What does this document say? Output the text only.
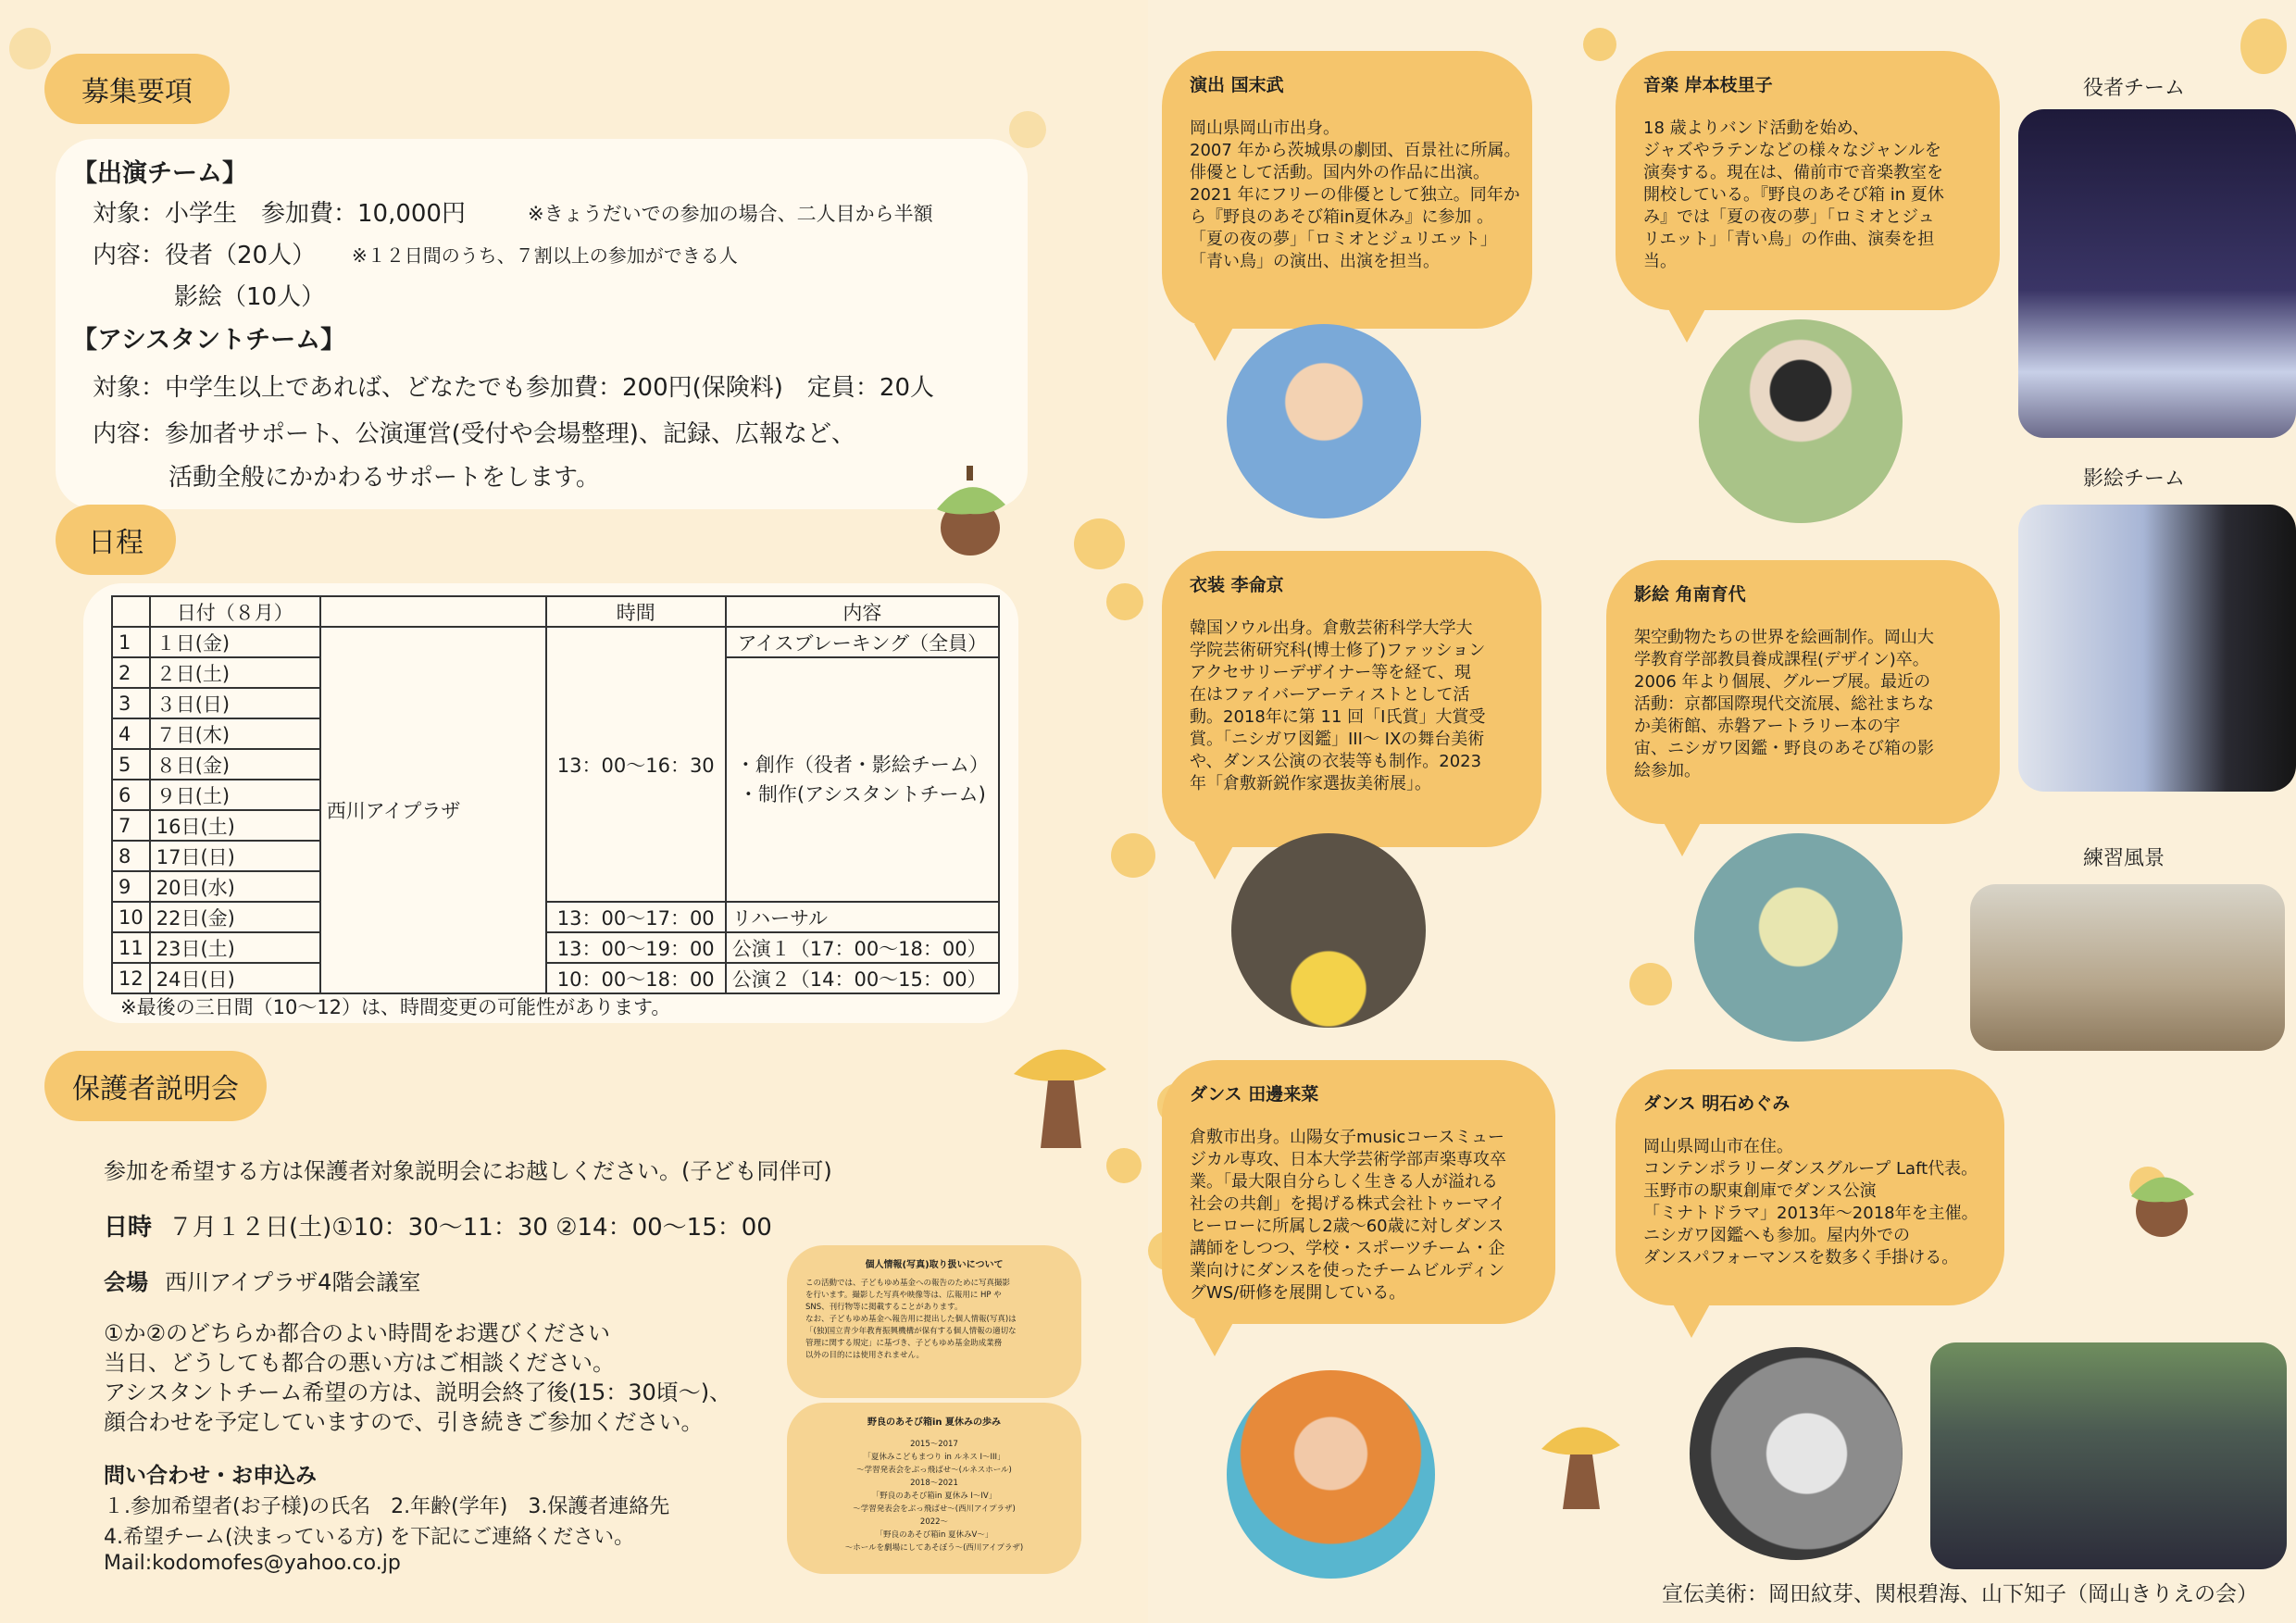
募集要項
【出演チーム】
対象：小学生　参加費：10,000円	※きょうだいでの参加の場合、二人目から半額
内容：役者（20人） ※１２日間のうち、７割以上の参加ができる人
影絵（10人）
【アシスタントチーム】
対象：中学生以上であれば、どなたでも参加費：200円(保険料)　定員：20人
内容：参加者サポート、公演運営(受付や会場整理)、記録、広報など、
活動全般にかかわるサポートをします。
日程
	日付（８月）		時間	内容
1	１日(金)	西川アイプラザ	13：00〜16：30	アイスブレーキング（全員）
2	２日(土)			・創作（役者・影絵チーム）
・制作(アシスタントチーム)
3	３日(日)			
4	７日(木)			
5	８日(金)			
6	９日(土)			
7	16日(土)			
8	17日(日)			
9	20日(水)			
10	22日(金)		13：00〜17：00	リハーサル
11	23日(土)		13：00〜19：00	公演１（17：00〜18：00）
12	24日(日)		10：00〜18：00	公演２（14：00〜15：00）
※最後の三日間（10〜12）は、時間変更の可能性があります。
保護者説明会
参加を希望する方は保護者対象説明会にお越しください。(子ども同伴可)
日時 ７月１２日(土)①10：30〜11：30 ②14：00〜15：00
会場 西川アイプラザ4階会議室
①か②のどちらか都合のよい時間をお選びください
当日、どうしても都合の悪い方はご相談ください。
アシスタントチーム希望の方は、説明会終了後(15：30頃〜)、
顔合わせを予定していますので、引き続きご参加ください。
問い合わせ・お申込み
１.参加希望者(お子様)の氏名　2.年齢(学年)　3.保護者連絡先
4.希望チーム(決まっている方) を下記にご連絡ください。
Mail:kodomofes@yahoo.co.jp
個人情報(写真)取り扱いについて
この活動では、子どもゆめ基金への報告のために写真撮影
を行います。撮影した写真や映像等は、広報用に HP や
SNS、刊行物等に掲載することがあります。
なお、子どもゆめ基金へ報告用に提出した個人情報(写真)は
「(独)国立青少年教育振興機構が保有する個人情報の適切な
管理に関する規定」に基づき、子どもゆめ基金助成業務
以外の目的には使用されません。
野良のあそび箱in 夏休みの歩み
2015〜2017
「夏休みこどもまつり in ルネス I〜III」
〜学習発表会をぶっ飛ばせ〜(ルネスホール)
2018〜2021
「野良のあそび箱in 夏休み I〜IV」
〜学習発表会をぶっ飛ばせ〜(西川アイプラザ)
2022〜
「野良のあそび箱in 夏休みV〜」
〜ホールを劇場にしてあそぼう〜(西川アイプラザ)
演出 国末武
岡山県岡山市出身。
2007 年から茨城県の劇団、百景社に所属。
俳優として活動。国内外の作品に出演。
2021 年にフリーの俳優として独立。同年か
ら『野良のあそび箱in夏休み』に参加 。
「夏の夜の夢」「ロミオとジュリエット」
「青い鳥」の演出、出演を担当。
音楽 岸本枝里子
18 歳よりバンド活動を始め、
ジャズやラテンなどの様々なジャンルを
演奏する。現在は、備前市で音楽教室を
開校している。『野良のあそび箱 in 夏休
み』では「夏の夜の夢」「ロミオとジュ
リエット」「青い鳥」の作曲、演奏を担
当。
衣装 李侖京
韓国ソウル出身。倉敷芸術科学大学大
学院芸術研究科(博士修了)ファッション
アクセサリーデザイナー等を経て、現
在はファイバーアーティストとして活
動。2018年に第 11 回「I氏賞」大賞受
賞。「ニシガワ図鑑」III〜 IXの舞台美術
や、ダンス公演の衣装等も制作。2023
年「倉敷新鋭作家選抜美術展」。
影絵 角南育代
架空動物たちの世界を絵画制作。岡山大
学教育学部教員養成課程(デザイン)卒。
2006 年より個展、グループ展。最近の
活動：京都国際現代交流展、総社まちな
か美術館、赤磐アートラリー本の宇
宙、ニシガワ図鑑・野良のあそび箱の影
絵参加。
ダンス 田邊来菜
倉敷市出身。山陽女子musicコースミュー
ジカル専攻、日本大学芸術学部声楽専攻卒
業。「最大限自分らしく生きる人が溢れる
社会の共創」を掲げる株式会社トゥーマイ
ヒーローに所属し2歳〜60歳に対しダンス
講師をしつつ、学校・スポーツチーム・企
業向けにダンスを使ったチームビルディン
グWS/研修を展開している。
ダンス 明石めぐみ
岡山県岡山市在住。
コンテンポラリーダンスグループ Laft代表。
玉野市の駅東創庫でダンス公演
「ミナトドラマ」2013年〜2018年を主催。
ニシガワ図鑑へも参加。屋内外での
ダンスパフォーマンスを数多く手掛ける。
役者チーム
影絵チーム
練習風景
宣伝美術：岡田紋芽、関根碧海、山下知子（岡山きりえの会）
